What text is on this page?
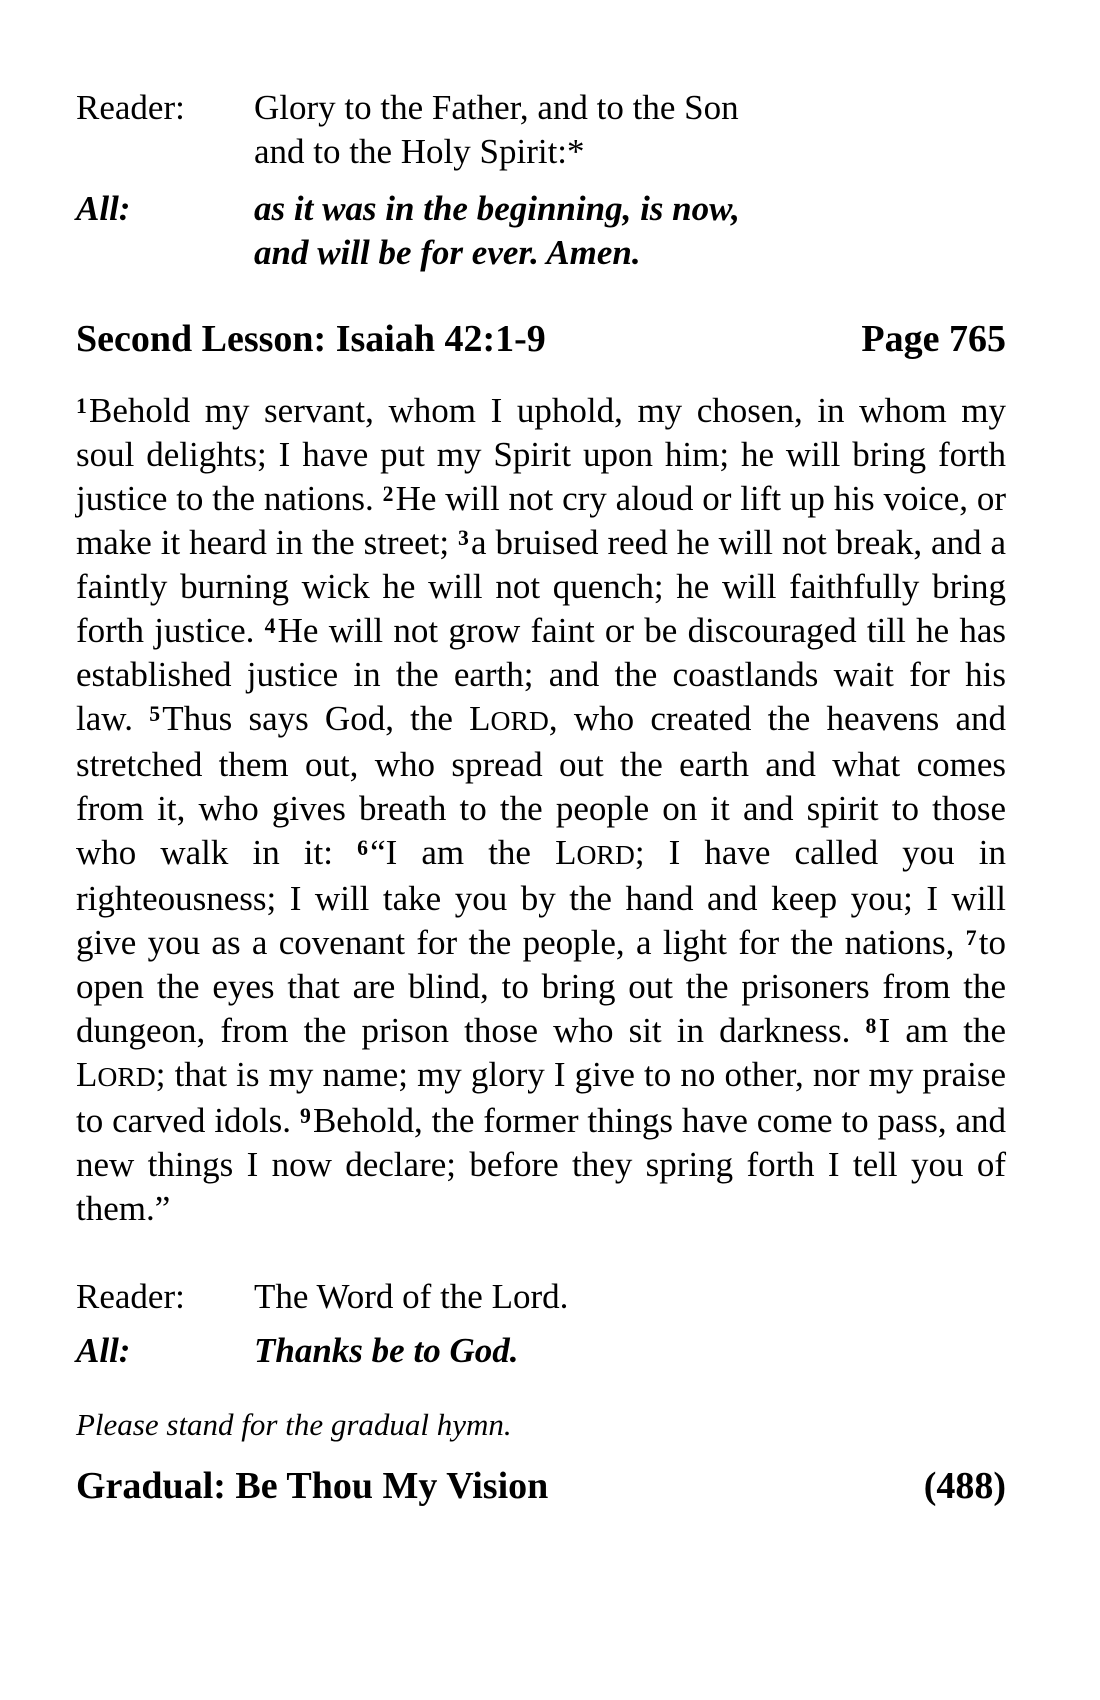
Reader:	Glory to the Father, and to the Son
and to the Holy Spirit:*
All:	as it was in the beginning, is now,
and will be for ever. Amen.
Second Lesson: Isaiah 42:1-9	Page 765

$^1$Behold my servant, whom I uphold, my chosen, in whom my soul delights; I have put my Spirit upon him; he will bring forth justice to the nations. $^2$He will not cry aloud or lift up his voice, or make it heard in the street; $^3$a bruised reed he will not break, and a faintly burning wick he will not quench; he will faithfully bring forth justice. $^4$He will not grow faint or be discouraged till he has established justice in the earth; and the coastlands wait for his law. $^5$Thus says God, the LORD, who created the heavens and stretched them out, who spread out the earth and what comes from it, who gives breath to the people on it and spirit to those who walk in it: $^6$“I am the LORD; I have called you in righteousness; I will take you by the hand and keep you; I will give you as a covenant for the people, a light for the nations, $^7$to open the eyes that are blind, to bring out the prisoners from the dungeon, from the prison those who sit in darkness. $^8$I am the LORD; that is my name; my glory I give to no other, nor my praise to carved idols. $^9$Behold, the former things have come to pass, and new things I now declare; before they spring forth I tell you of them.”

Reader:	The Word of the Lord.
All:	Thanks be to God.

Please stand for the gradual hymn.

Gradual: Be Thou My Vision	(488)
